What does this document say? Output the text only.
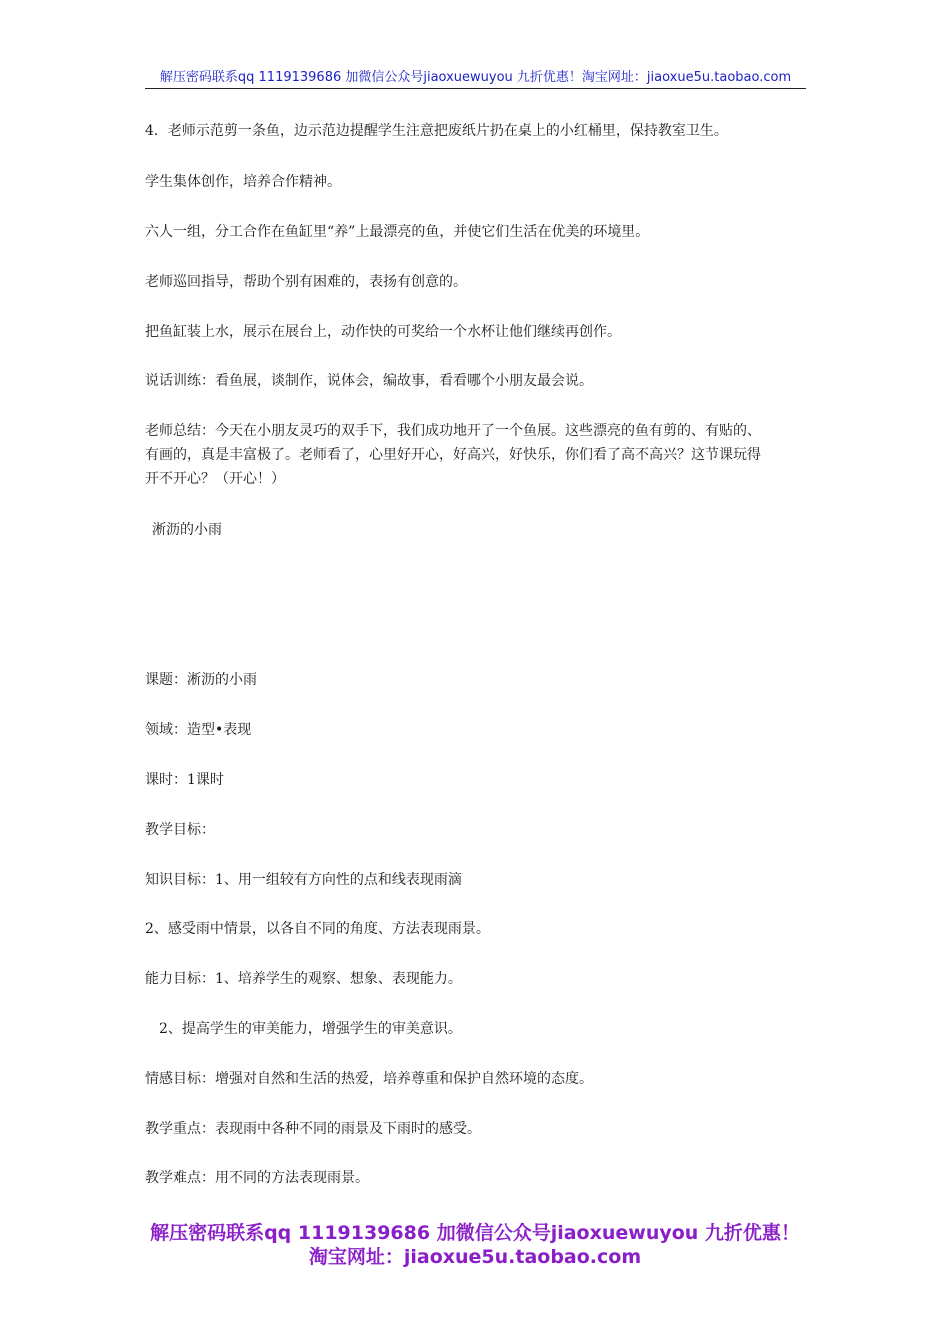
解压密码联系qq 1119139686 加微信公众号jiaoxuewuyou 九折优惠！淘宝网址：jiaoxue5u.taobao.com
4．老师示范剪一条鱼，边示范边提醒学生注意把废纸片扔在桌上的小红桶里，保持教室卫生。
学生集体创作，培养合作精神。
六人一组，分工合作在鱼缸里“养”上最漂亮的鱼，并使它们生活在优美的环境里。
老师巡回指导，帮助个别有困难的，表扬有创意的。
把鱼缸装上水，展示在展台上，动作快的可奖给一个水杯让他们继续再创作。
说话训练：看鱼展，谈制作，说体会，编故事，看看哪个小朋友最会说。
老师总结：今天在小朋友灵巧的双手下，我们成功地开了一个鱼展。这些漂亮的鱼有剪的、有贴的、
有画的，真是丰富极了。老师看了，心里好开心，好高兴，好快乐，你们看了高不高兴？这节课玩得
开不开心？（开心！）
淅沥的小雨
课题：淅沥的小雨
领域：造型•表现
课时：1课时
教学目标：
知识目标：1、用一组较有方向性的点和线表现雨滴
2、感受雨中情景，以各自不同的角度、方法表现雨景。
能力目标：1、培养学生的观察、想象、表现能力。
2、提高学生的审美能力，增强学生的审美意识。
情感目标：增强对自然和生活的热爱，培养尊重和保护自然环境的态度。
教学重点：表现雨中各种不同的雨景及下雨时的感受。
教学难点：用不同的方法表现雨景。
解压密码联系qq 1119139686 加微信公众号jiaoxuewuyou 九折优惠！
淘宝网址：jiaoxue5u.taobao.com
